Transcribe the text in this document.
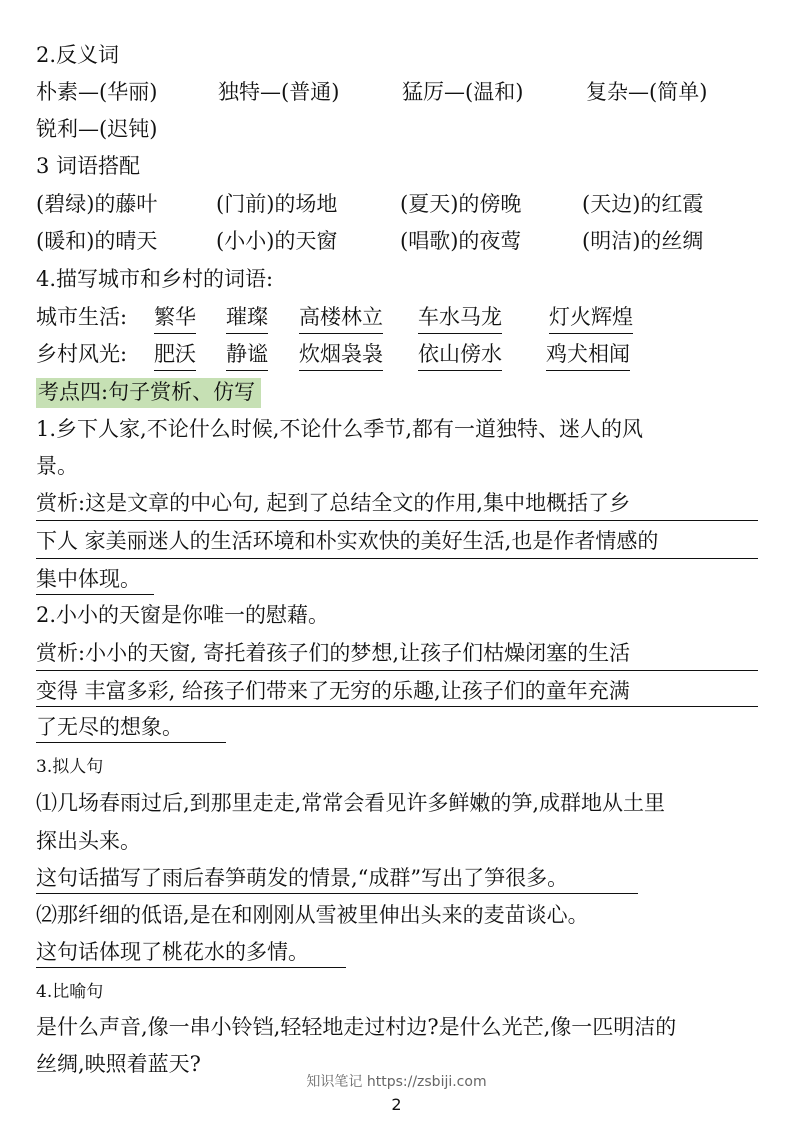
2.反义词
朴素—(华丽)	独特—(普通)	猛厉—(温和)	复杂—(简单)
锐利—(迟钝)
3 词语搭配
(碧绿)的藤叶	(门前)的场地	(夏天)的傍晚	(天边)的红霞
(暖和)的晴天	(小小)的天窗	(唱歌)的夜莺	(明洁)的丝绸
4.描写城市和乡村的词语:
城市生活: 繁华 璀璨 高楼林立 车水马龙 灯火辉煌
乡村风光: 肥沃 静谧 炊烟袅袅 依山傍水 鸡犬相闻
考点四:句子赏析、仿写
1.乡下人家,不论什么时候,不论什么季节,都有一道独特、迷人的风
景。
赏析:这是文章的中心句, 起到了总结全文的作用,集中地概括了乡
下人 家美丽迷人的生活环境和朴实欢快的美好生活,也是作者情感的
集中体现。
2.小小的天窗是你唯一的慰藉。
赏析:小小的天窗, 寄托着孩子们的梦想,让孩子们枯燥闭塞的生活
变得 丰富多彩, 给孩子们带来了无穷的乐趣,让孩子们的童年充满
了无尽的想象。
3.拟人句
⑴几场春雨过后,到那里走走,常常会看见许多鲜嫩的笋,成群地从土里
探出头来。
这句话描写了雨后春笋萌发的情景,“成群”写出了笋很多。
⑵那纤细的低语,是在和刚刚从雪被里伸出头来的麦苗谈心。
这句话体现了桃花水的多情。
4.比喻句
是什么声音,像一串小铃铛,轻轻地走过村边?是什么光芒,像一匹明洁的
丝绸,映照着蓝天?
知识笔记 https://zsbiji.com
2
